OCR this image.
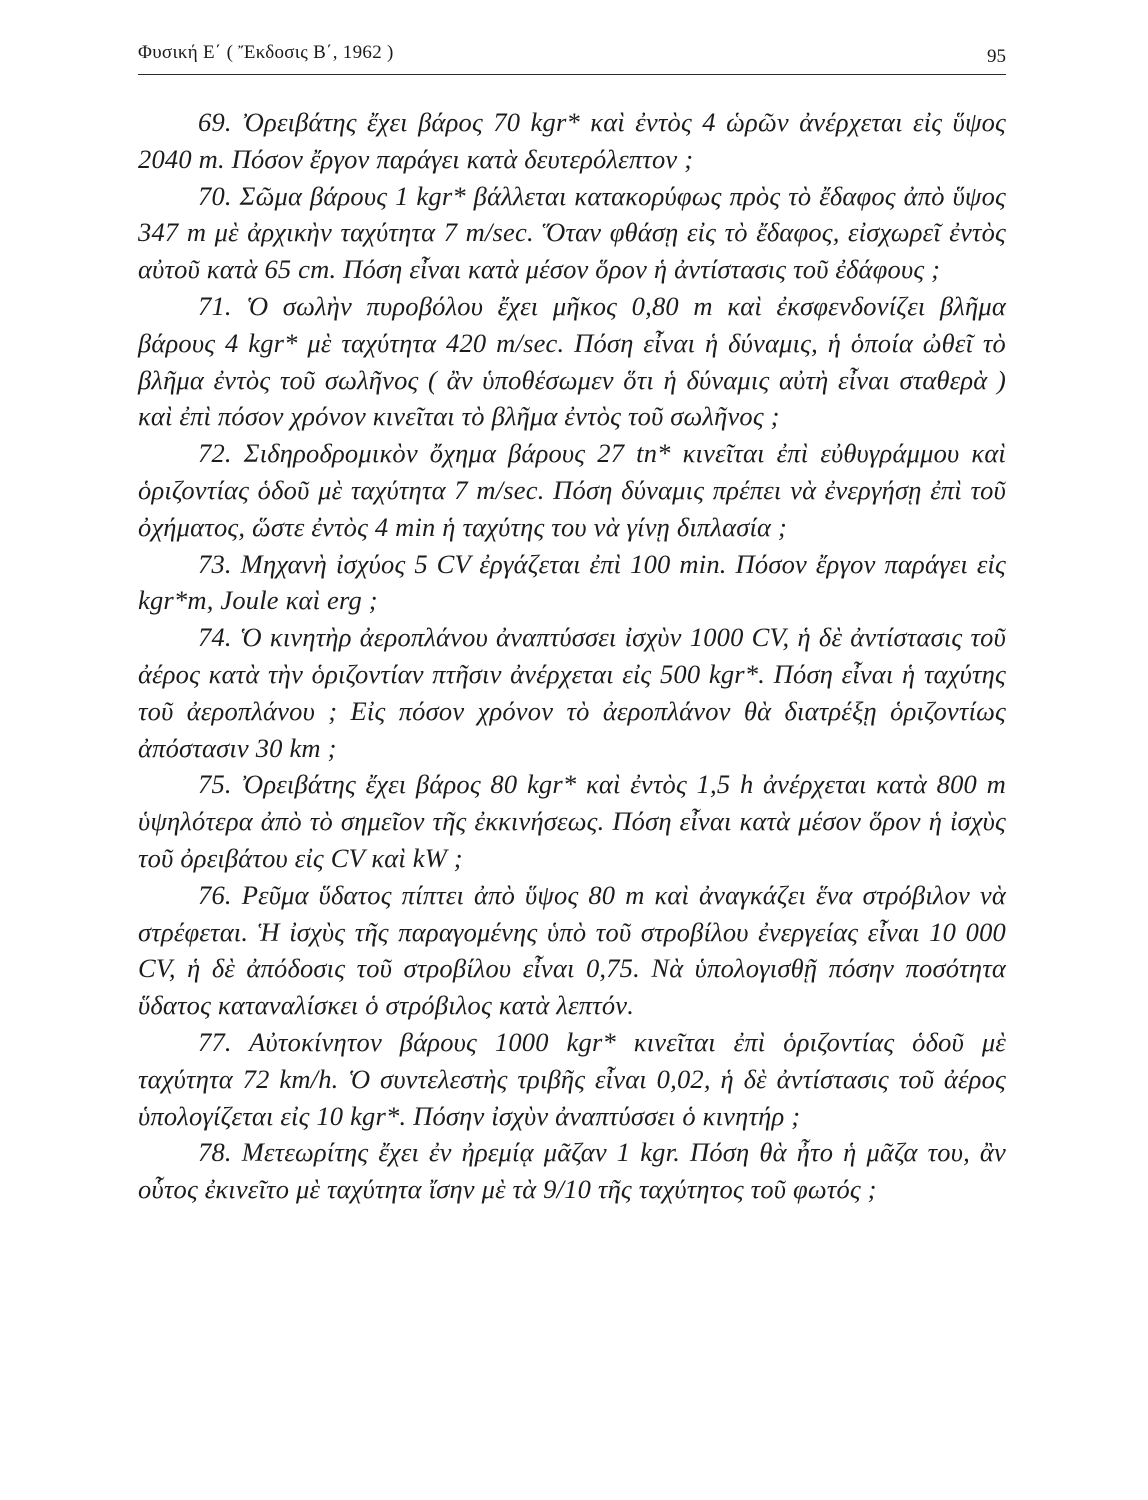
Φυσική Ε΄ ( Ἔκδοσις Β΄, 1962 )	95

69. Ὀρειβάτης ἔχει βάρος 70 kgr* καὶ ἐντὸς 4 ὡρῶν ἀνέρχεται εἰς ὕψος 2040 m. Πόσον ἔργον παράγει κατὰ δευτερόλεπτον ;

70. Σῶμα βάρους 1 kgr* βάλλεται κατακορύφως πρὸς τὸ ἔδαφος ἀπὸ ὕψος 347 m μὲ ἀρχικὴν ταχύτητα 7 m/sec. Ὅταν φθάσῃ εἰς τὸ ἔδαφος, εἰσχωρεῖ ἐντὸς αὐτοῦ κατὰ 65 cm. Πόση εἶναι κατὰ μέσον ὅρον ἡ ἀντίστασις τοῦ ἐδάφους ;

71. Ὁ σωλὴν πυροβόλου ἔχει μῆκος 0,80 m καὶ ἐκσφενδονίζει βλῆμα βάρους 4 kgr* μὲ ταχύτητα 420 m/sec. Πόση εἶναι ἡ δύναμις, ἡ ὁποία ὠθεῖ τὸ βλῆμα ἐντὸς τοῦ σωλῆνος ( ἂν ὑποθέσωμεν ὅτι ἡ δύναμις αὐτὴ εἶναι σταθερὰ ) καὶ ἐπὶ πόσον χρόνον κινεῖται τὸ βλῆμα ἐντὸς τοῦ σωλῆνος ;

72. Σιδηροδρομικὸν ὄχημα βάρους 27 tn* κινεῖται ἐπὶ εὐθυγράμμου καὶ ὁριζοντίας ὁδοῦ μὲ ταχύτητα 7 m/sec. Πόση δύναμις πρέπει νὰ ἐνεργήσῃ ἐπὶ τοῦ ὀχήματος, ὥστε ἐντὸς 4 min ἡ ταχύτης του νὰ γίνῃ διπλασία ;

73. Μηχανὴ ἰσχύος 5 CV ἐργάζεται ἐπὶ 100 min. Πόσον ἔργον παράγει εἰς kgr*m, Joule καὶ erg ;

74. Ὁ κινητὴρ ἀεροπλάνου ἀναπτύσσει ἰσχὺν 1000 CV, ἡ δὲ ἀντίστασις τοῦ ἀέρος κατὰ τὴν ὁριζοντίαν πτῆσιν ἀνέρχεται εἰς 500 kgr*. Πόση εἶναι ἡ ταχύτης τοῦ ἀεροπλάνου ; Εἰς πόσον χρόνον τὸ ἀεροπλάνον θὰ διατρέξῃ ὁριζοντίως ἀπόστασιν 30 km ;

75. Ὀρειβάτης ἔχει βάρος 80 kgr* καὶ ἐντὸς 1,5 h ἀνέρχεται κατὰ 800 m ὑψηλότερα ἀπὸ τὸ σημεῖον τῆς ἐκκινήσεως. Πόση εἶναι κατὰ μέσον ὅρον ἡ ἰσχὺς τοῦ ὀρειβάτου εἰς CV καὶ kW ;

76. Ρεῦμα ὕδατος πίπτει ἀπὸ ὕψος 80 m καὶ ἀναγκάζει ἕνα στρόβιλον νὰ στρέφεται. Ἡ ἰσχὺς τῆς παραγομένης ὑπὸ τοῦ στροβίλου ἐνεργείας εἶναι 10 000 CV, ἡ δὲ ἀπόδοσις τοῦ στροβίλου εἶναι 0,75. Νὰ ὑπολογισθῇ πόσην ποσότητα ὕδατος καταναλίσκει ὁ στρόβιλος κατὰ λεπτόν.

77. Αὐτοκίνητον βάρους 1000 kgr* κινεῖται ἐπὶ ὁριζοντίας ὁδοῦ μὲ ταχύτητα 72 km/h. Ὁ συντελεστὴς τριβῆς εἶναι 0,02, ἡ δὲ ἀντίστασις τοῦ ἀέρος ὑπολογίζεται εἰς 10 kgr*. Πόσην ἰσχὺν ἀναπτύσσει ὁ κινητήρ ;

78. Μετεωρίτης ἔχει ἐν ἠρεμίᾳ μᾶζαν 1 kgr. Πόση θὰ ἦτο ἡ μᾶζα του, ἂν οὗτος ἐκινεῖτο μὲ ταχύτητα ἴσην μὲ τὰ 9/10 τῆς ταχύτητος τοῦ φωτός ;
